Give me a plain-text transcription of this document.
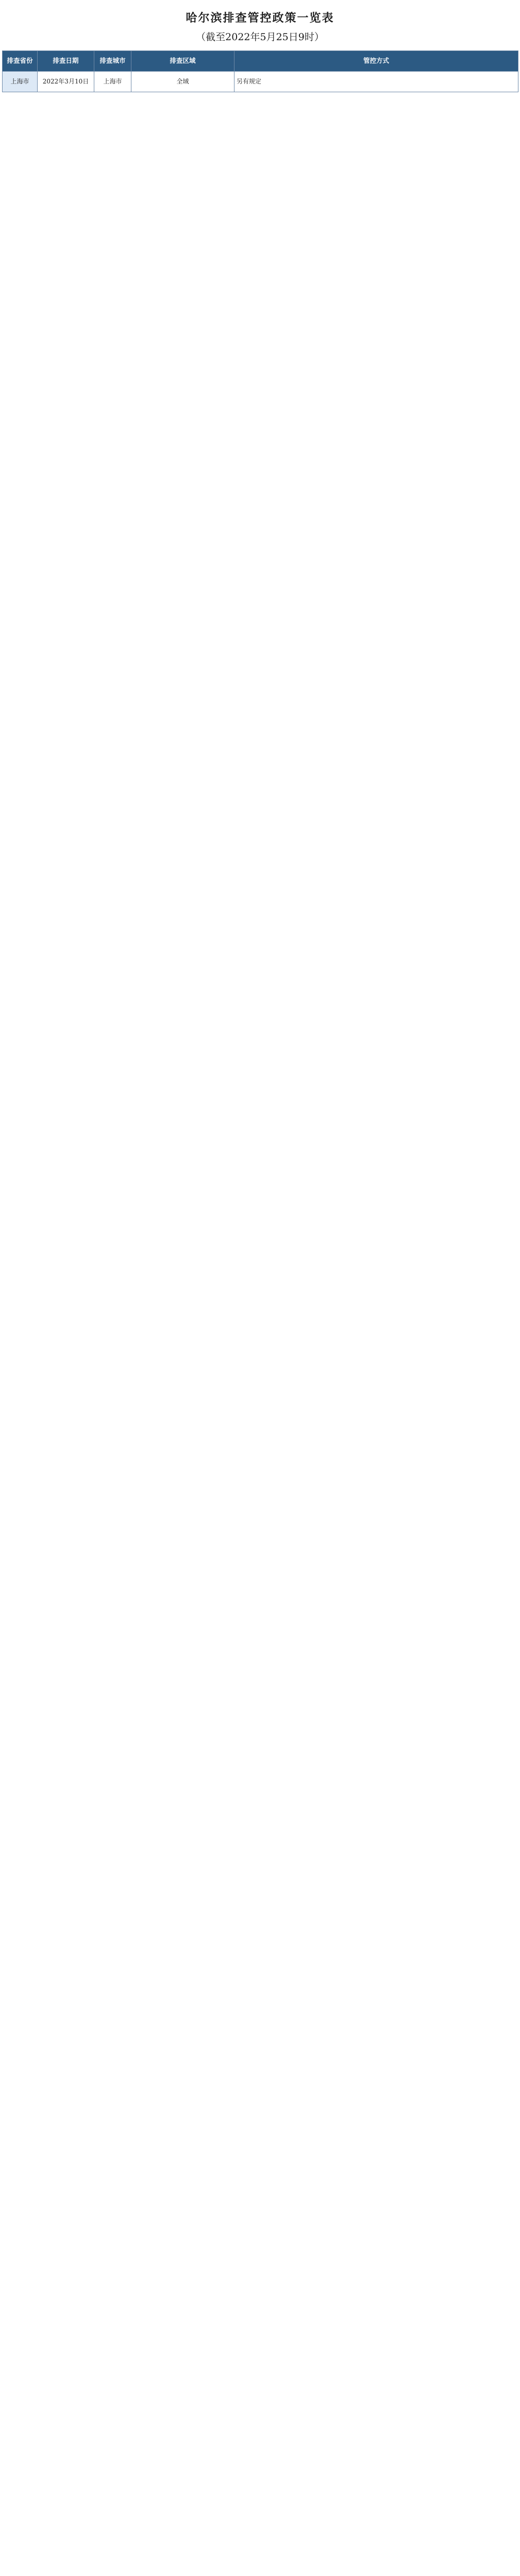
哈尔滨排查管控政策一览表
（截至2022年5月25日9时）
排查省份	排查日期	排查城市	排查区域	管控方式
上海市	2022年3月10日	上海市	全域	另有规定
